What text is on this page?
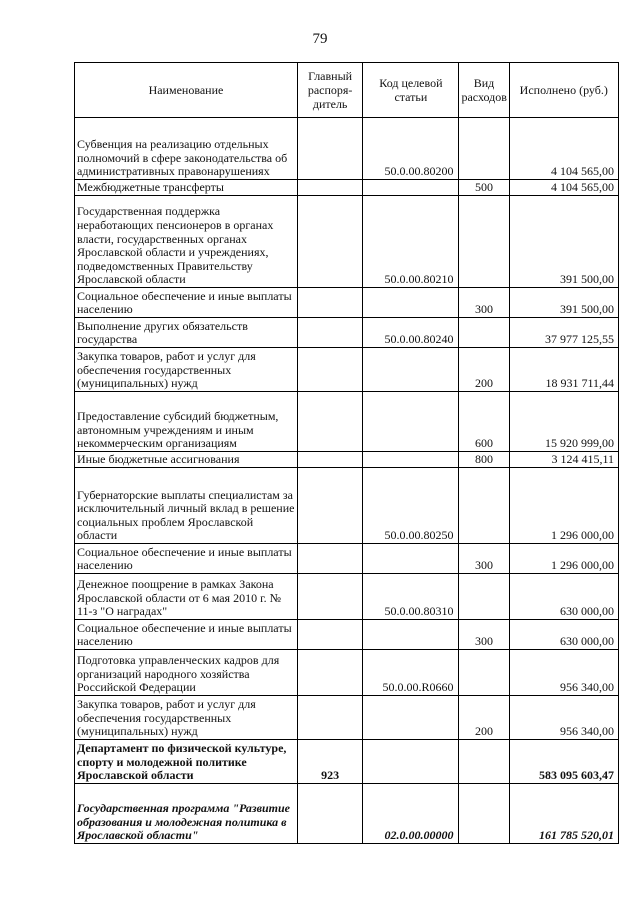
79
Наименование	Главный распоря-дитель	Код целевой статьи	Вид расходов	Исполнено (руб.)
Субвенция на реализацию отдельных полномочий в сфере законодательства об административных правонарушениях		50.0.00.80200		4 104 565,00
Межбюджетные трансферты			500	4 104 565,00
Государственная поддержка неработающих пенсионеров в органах власти, государственных органах Ярославской области и учреждениях, подведомственных Правительству Ярославской области		50.0.00.80210		391 500,00
Социальное обеспечение и иные выплаты населению			300	391 500,00
Выполнение других обязательств государства		50.0.00.80240		37 977 125,55
Закупка товаров, работ и услуг для обеспечения государственных (муниципальных) нужд			200	18 931 711,44
Предоставление субсидий бюджетным, автономным учреждениям и иным некоммерческим организациям			600	15 920 999,00
Иные бюджетные ассигнования			800	3 124 415,11
Губернаторские выплаты специалистам за исключительный личный вклад в решение социальных проблем Ярославской области		50.0.00.80250		1 296 000,00
Социальное обеспечение и иные выплаты населению			300	1 296 000,00
Денежное поощрение в рамках Закона Ярославской области от 6 мая 2010 г. № 11-з "О наградах"		50.0.00.80310		630 000,00
Социальное обеспечение и иные выплаты населению			300	630 000,00
Подготовка управленческих кадров для организаций народного хозяйства Российской Федерации		50.0.00.R0660		956 340,00
Закупка товаров, работ и услуг для обеспечения государственных (муниципальных) нужд			200	956 340,00
Департамент по физической культуре, спорту и молодежной политике Ярославской области	923			583 095 603,47
Государственная программа "Развитие образования и молодежная политика в Ярославской области"		02.0.00.00000		161 785 520,01
